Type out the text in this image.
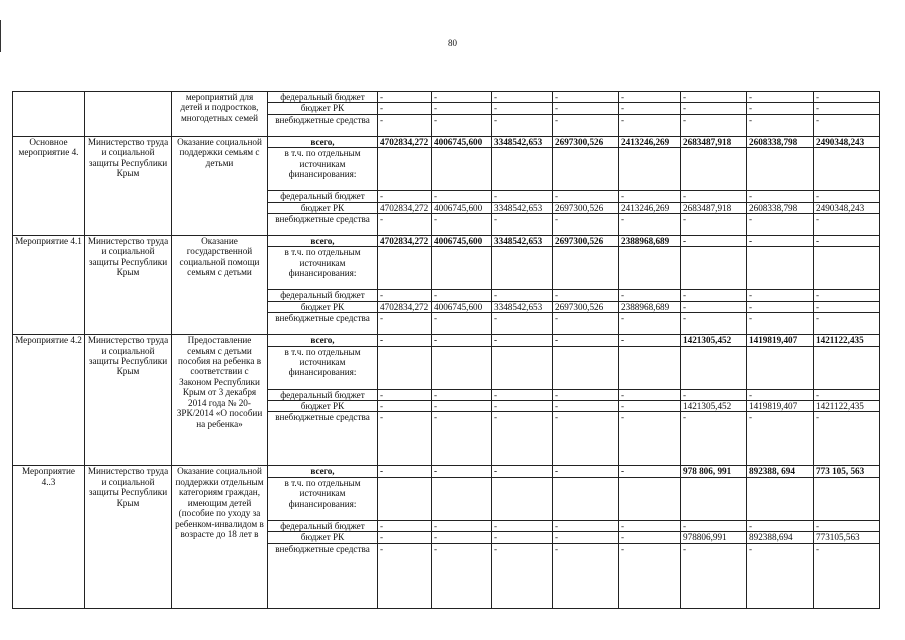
80
		мероприятий для детей и подростков, многодетных семей	федеральный бюджет	-	-	-	-	-	-	-	-
			бюджет РК	-	-	-	-	-	-	-	-
			внебюджетные средства	-	-	-	-	-	-	-	-
Основное мероприятие 4.	Министерство труда и социальной защиты Республики Крым	Оказание социальной поддержки семьям с детьми	всего,	4702834,272	4006745,600	3348542,653	2697300,526	2413246,269	2683487,918	2608338,798	2490348,243
			в т.ч. по отдельным источникам финансирования:								
			федеральный бюджет	-	-	-	-	-	-	-	-
			бюджет РК	4702834,272	4006745,600	3348542,653	2697300,526	2413246,269	2683487,918	2608338,798	2490348,243
			внебюджетные средства	-	-	-	-	-	-	-	-
Мероприятие 4.1	Министерство труда и социальной защиты Республики Крым	Оказание государственной социальной помощи семьям с детьми	всего,	4702834,272	4006745,600	3348542,653	2697300,526	2388968,689	-	-	-
			в т.ч. по отдельным источникам финансирования:								
			федеральный бюджет	-	-	-	-	-	-	-	-
			бюджет РК	4702834,272	4006745,600	3348542,653	2697300,526	2388968,689	-	-	-
			внебюджетные средства	-	-	-	-	-	-	-	-
Мероприятие 4.2	Министерство труда и социальной защиты Республики Крым	Предоставление семьям с детьми пособия на ребенка в соответствии с Законом Республики Крым от 3 декабря 2014 года № 20-ЗРК/2014 «О пособии на ребенка»	всего,	-	-	-	-	-	1421305,452	1419819,407	1421122,435
			в т.ч. по отдельным источникам финансирования:								
			федеральный бюджет	-	-	-	-	-	-	-	-
			бюджет РК	-	-	-	-	-	1421305,452	1419819,407	1421122,435
			внебюджетные средства	-	-	-	-	-	-	-	-
Мероприятие 4..3	Министерство труда и социальной защиты Республики Крым	Оказание социальной поддержки отдельным категориям граждан, имеющим детей (пособие по уходу за ребенком-инвалидом в возрасте до 18 лет в	всего,	-	-	-	-	-	978 806, 991	892388, 694	773 105, 563
			в т.ч. по отдельным источникам финансирования:								
			федеральный бюджет	-	-	-	-	-	-	-	-
			бюджет РК	-	-	-	-	-	978806,991	892388,694	773105,563
			внебюджетные средства	-	-	-	-	-	-	-	-
